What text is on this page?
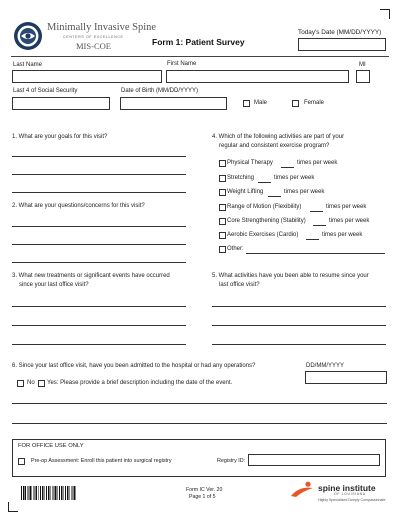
Minimally Invasive Spine
CENTERS OF EXCELLENCE
MIS-COE	Form 1: Patient Survey
Today's Date (MM/DD/YYYY)
Last Name	First Name	MI
Last 4 of Social Security	Date of Birth (MM/DD/YYYY)
Male	Female
1. What are your goals for this visit?
2. What are your questions/concerns for this visit?
3. What new treatments or significant events have occurred
since your last office visit?
4. Which of the following activities are part of your
regular and consistent exercise program?
Physical Therapy	times per week
Stretching	times per week
Weight Lifting	times per week
Range of Motion (Flexibility)	times per week
Core Strengthening (Stability)	times per week
Aerobic Exercises (Cardio)	times per week
Other:
5. What activities have you been able to resume since your
last office visit?
6. Since your last office visit, have you been admitted to the hospital or had any operations?	DD/MM/YYYY
No Yes: Please provide a brief description including the date of the event.
FOR OFFICE USE ONLY
Pre-op Assessment: Enroll this patient into surgical registry	Registry ID:
Form IC Ver. 20
Page 1 of 5
spine institute
OF LOUISIANA
Highly Specialized Deeply Compassionate
